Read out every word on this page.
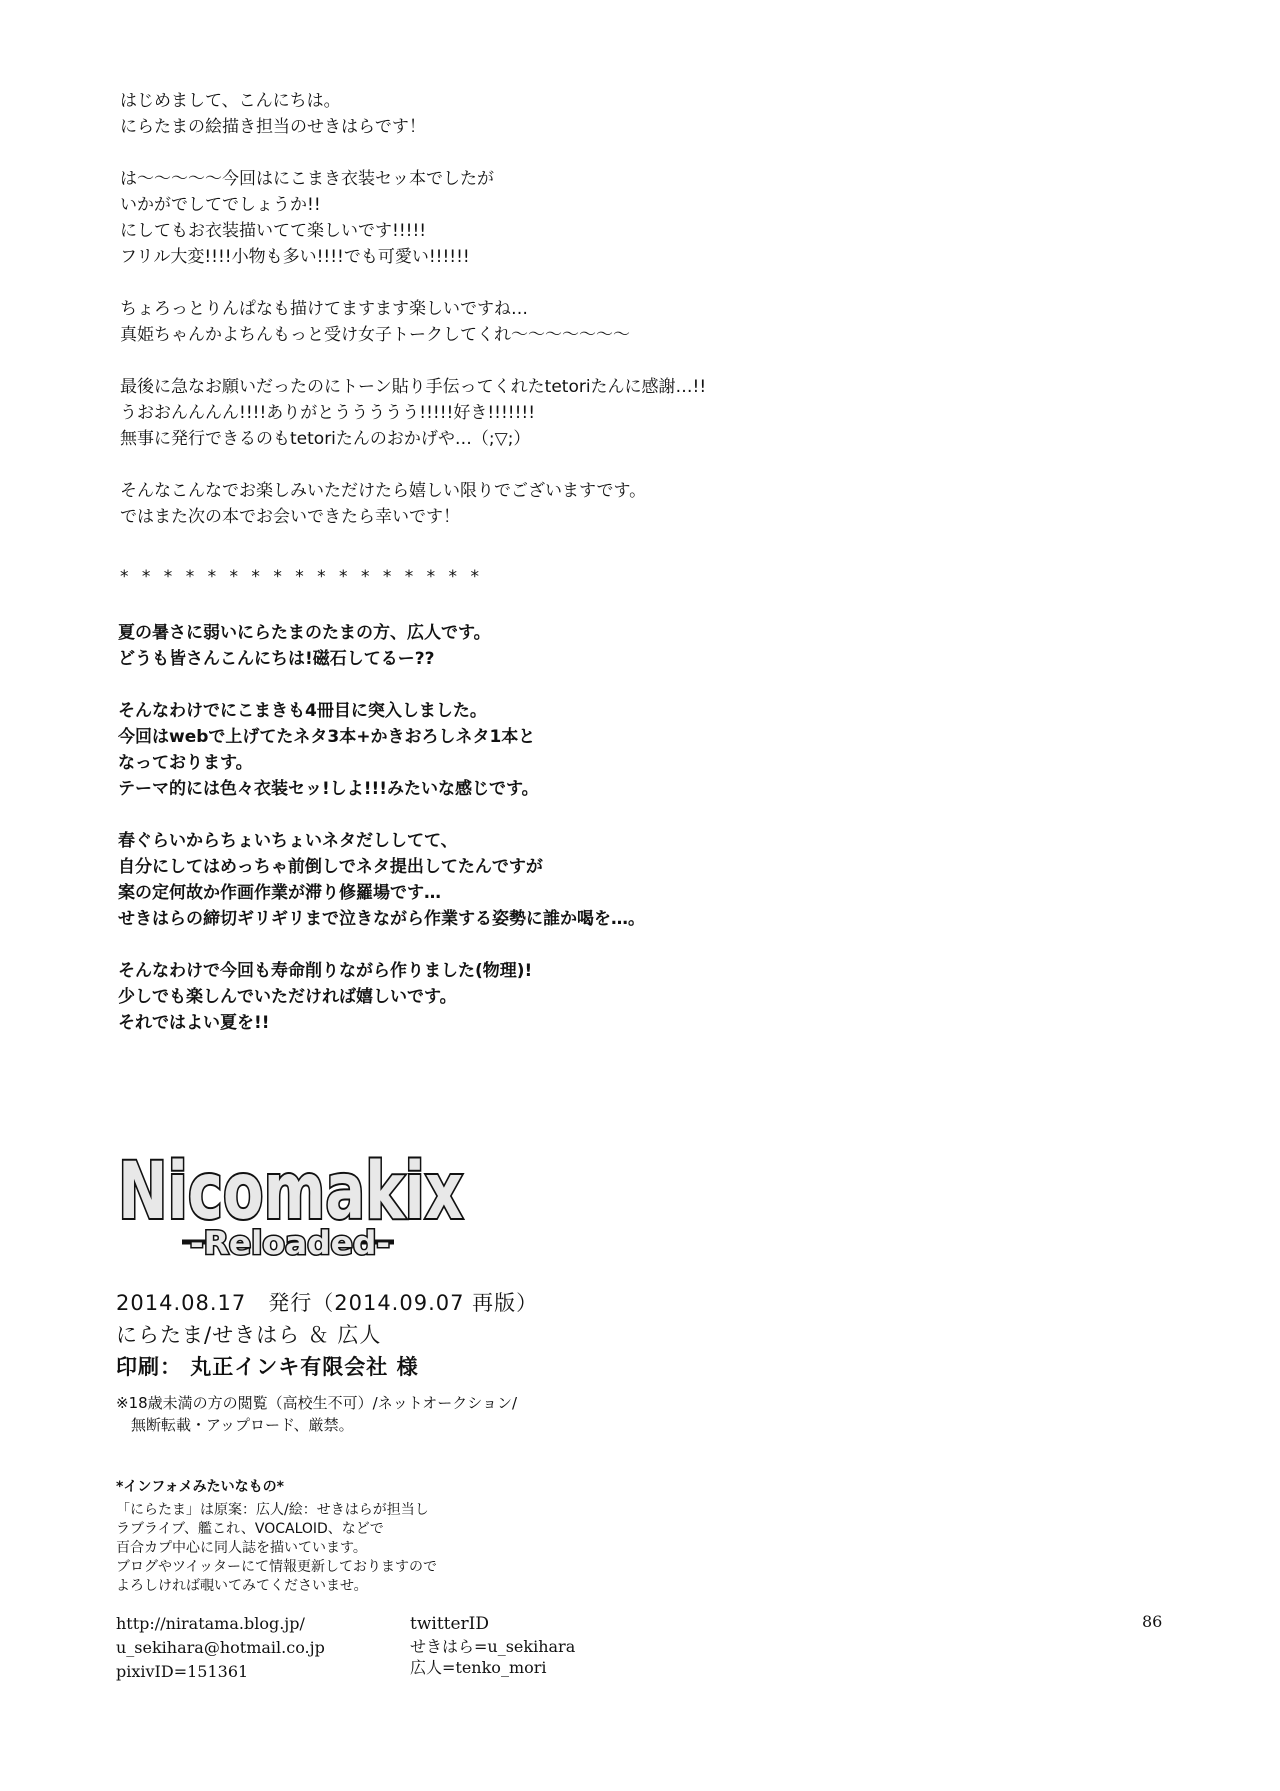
はじめまして、こんにちは。

にらたまの絵描き担当のせきはらです！

は～～～～～今回はにこまき衣装セッ本でしたが

いかがでしてでしょうか!!

にしてもお衣装描いてて楽しいです!!!!!

フリル大変!!!!小物も多い!!!!でも可愛い!!!!!!

ちょろっとりんぱなも描けてますます楽しいですね…

真姫ちゃんかよちんもっと受け女子トークしてくれ～～～～～～～

最後に急なお願いだったのにトーン貼り手伝ってくれたtetoriたんに感謝…!!

うおおんんんん!!!!ありがとううううう!!!!!好き!!!!!!!

無事に発行できるのもtetoriたんのおかげや…（;▽;）

そんなこんなでお楽しみいただけたら嬉しい限りでございますです。

ではまた次の本でお会いできたら幸いです！

* * * * * * * * * * * * * * * * *

夏の暑さに弱いにらたまのたまの方、広人です。

どうも皆さんこんにちは!磁石してるー??

そんなわけでにこまきも4冊目に突入しました。

今回はwebで上げてたネタ3本+かきおろしネタ1本と

なっております。

テーマ的には色々衣装セッ!しよ!!!みたいな感じです。

春ぐらいからちょいちょいネタだししてて、

自分にしてはめっちゃ前倒しでネタ提出してたんですが

案の定何故か作画作業が滞り修羅場です…

せきはらの締切ギリギリまで泣きながら作業する姿勢に誰か喝を…。

そんなわけで今回も寿命削りながら作りました(物理)!

少しでも楽しんでいただければ嬉しいです。

それではよい夏を!!

Nicomakix
-Reloaded-

2014.08.17　発行（2014.09.07 再版）

にらたま/せきはら ＆ 広人

印刷： 丸正インキ有限会社 様

※18歳未満の方の閲覧（高校生不可）/ネットオークション/

　無断転載・アップロード、厳禁。

*インフォメみたいなもの*

「にらたま」は原案：広人/絵：せきはらが担当し

ラブライブ、艦これ、VOCALOID、などで

百合カプ中心に同人誌を描いています。

ブログやツイッターにて情報更新しておりますので

よろしければ覗いてみてくださいませ。

http://niratama.blog.jp/

u_sekihara@hotmail.co.jp

pixivID=151361

twitterID

せきはら=u_sekihara

広人=tenko_mori

86
